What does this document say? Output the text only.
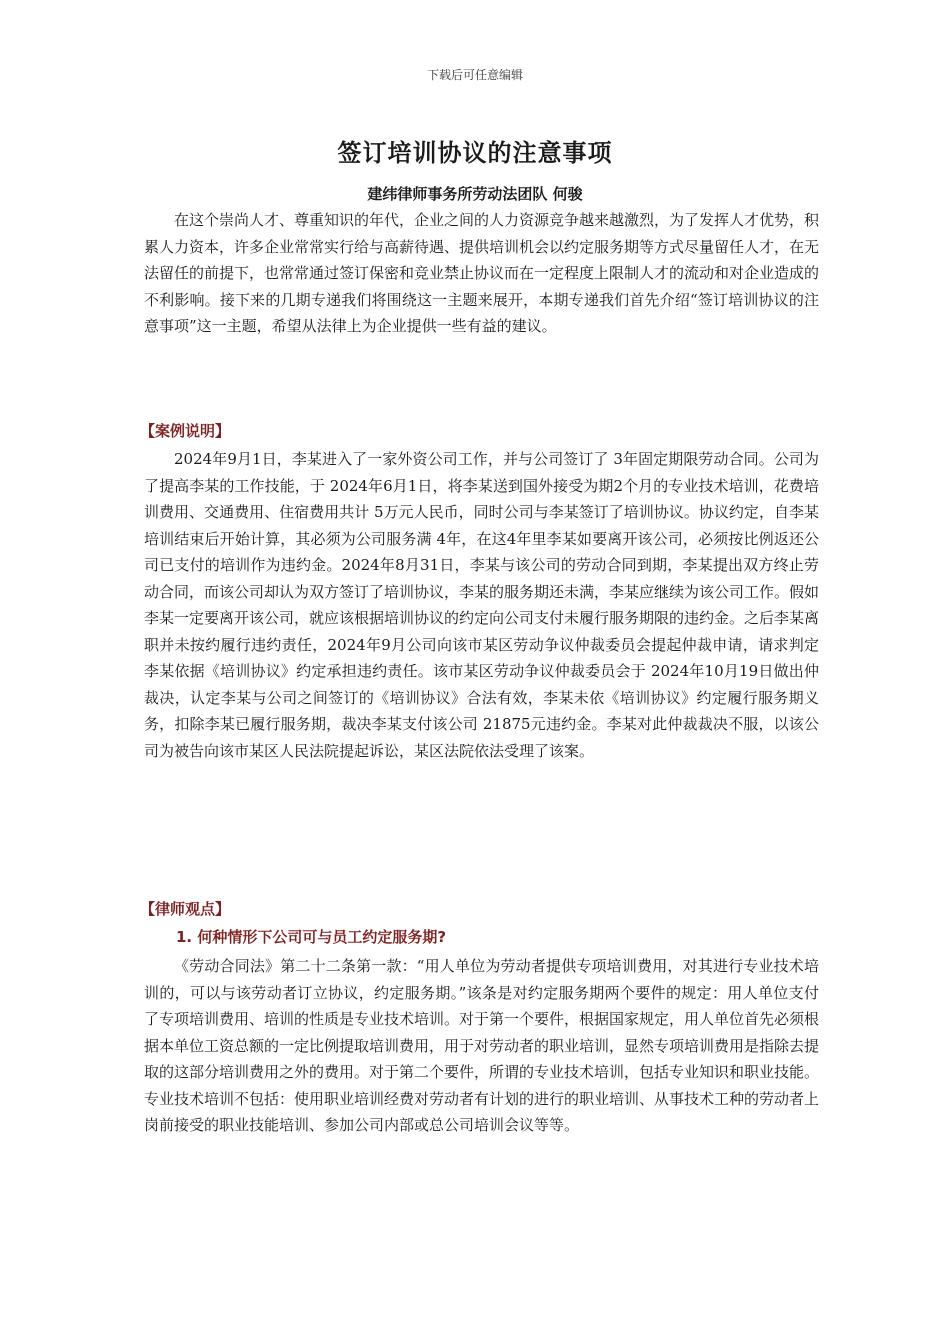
下载后可任意编辑
签订培训协议的注意事项
建纬律师事务所劳动法团队 何骏

在这个崇尚人才、尊重知识的年代，企业之间的人力资源竞争越来越激烈，为了发挥人才优势，积累人力资本，许多企业常常实行给与高薪待遇、提供培训机会以约定服务期等方式尽量留任人才，在无法留任的前提下，也常常通过签订保密和竞业禁止协议而在一定程度上限制人才的流动和对企业造成的不利影响。接下来的几期专递我们将围绕这一主题来展开，本期专递我们首先介绍“签订培训协议的注意事项”这一主题，希望从法律上为企业提供一些有益的建议。

【案例说明】

2024年9月1日，李某进入了一家外资公司工作，并与公司签订了 3年固定期限劳动合同。公司为了提高李某的工作技能，于 2024年6月1日，将李某送到国外接受为期2个月的专业技术培训，花费培训费用、交通费用、住宿费用共计 5万元人民币，同时公司与李某签订了培训协议。协议约定，自李某培训结束后开始计算，其必须为公司服务满 4年，在这4年里李某如要离开该公司，必须按比例返还公司已支付的培训作为违约金。2024年8月31日，李某与该公司的劳动合同到期，李某提出双方终止劳动合同，而该公司却认为双方签订了培训协议，李某的服务期还未满，李某应继续为该公司工作。假如李某一定要离开该公司，就应该根据培训协议的约定向公司支付未履行服务期限的违约金。之后李某离职并未按约履行违约责任，2024年9月公司向该市某区劳动争议仲裁委员会提起仲裁申请，请求判定李某依据《培训协议》约定承担违约责任。该市某区劳动争议仲裁委员会于 2024年10月19日做出仲裁决，认定李某与公司之间签订的《培训协议》合法有效，李某未依《培训协议》约定履行服务期义务，扣除李某已履行服务期，裁决李某支付该公司 21875元违约金。李某对此仲裁裁决不服，以该公司为被告向该市某区人民法院提起诉讼，某区法院依法受理了该案。

【律师观点】
1. 何种情形下公司可与员工约定服务期?

《劳动合同法》第二十二条第一款：“用人单位为劳动者提供专项培训费用，对其进行专业技术培训的，可以与该劳动者订立协议，约定服务期。”该条是对约定服务期两个要件的规定：用人单位支付了专项培训费用、培训的性质是专业技术培训。对于第一个要件，根据国家规定，用人单位首先必须根据本单位工资总额的一定比例提取培训费用，用于对劳动者的职业培训，显然专项培训费用是指除去提取的这部分培训费用之外的费用。对于第二个要件，所谓的专业技术培训，包括专业知识和职业技能。专业技术培训不包括：使用职业培训经费对劳动者有计划的进行的职业培训、从事技术工种的劳动者上岗前接受的职业技能培训、参加公司内部或总公司培训会议等等。
